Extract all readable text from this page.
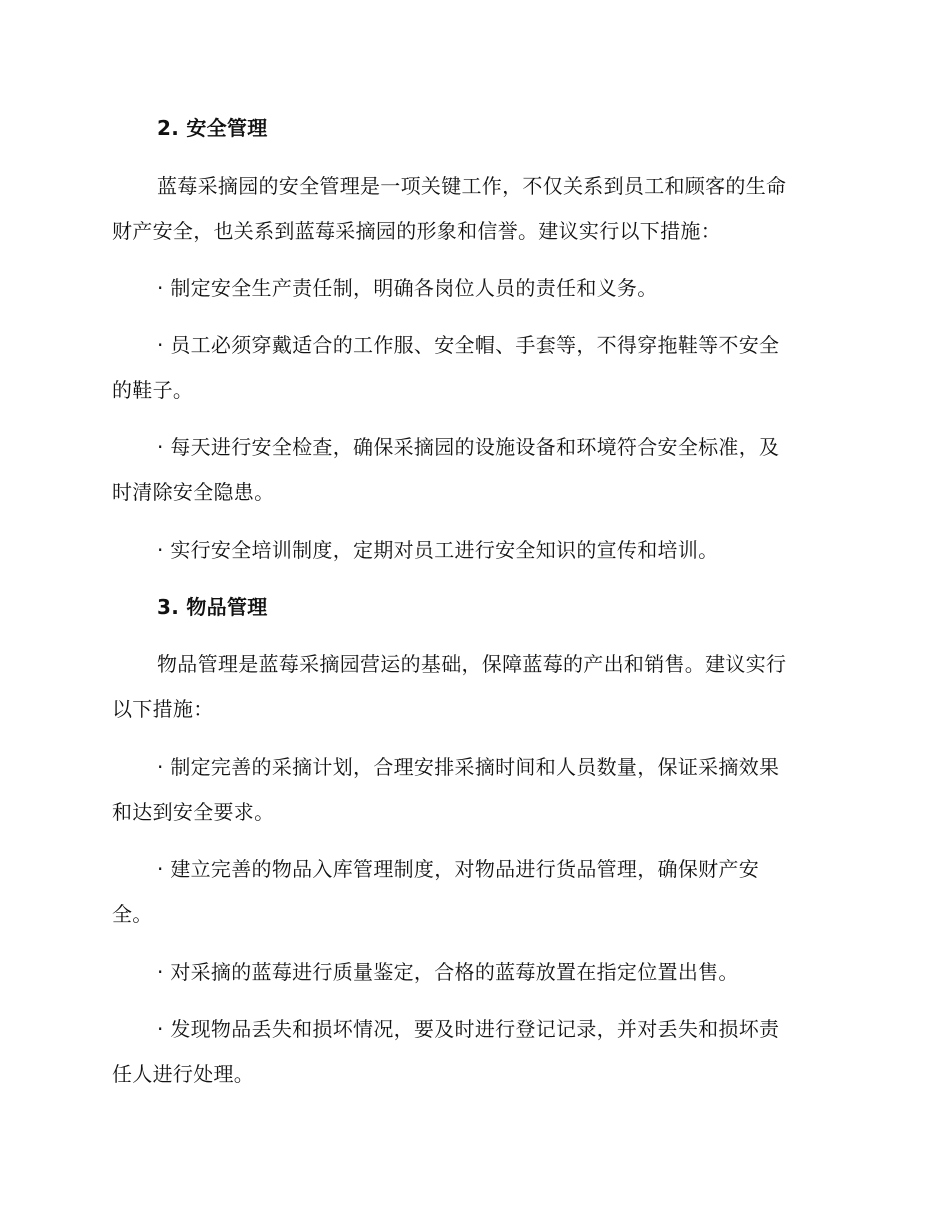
2. 安全管理
蓝莓采摘园的安全管理是一项关键工作，不仅关系到员工和顾客的生命
财产安全，也关系到蓝莓采摘园的形象和信誉。建议实行以下措施：
· 制定安全生产责任制，明确各岗位人员的责任和义务。
· 员工必须穿戴适合的工作服、安全帽、手套等，不得穿拖鞋等不安全
的鞋子。
· 每天进行安全检查，确保采摘园的设施设备和环境符合安全标准，及
时清除安全隐患。
· 实行安全培训制度，定期对员工进行安全知识的宣传和培训。
3. 物品管理
物品管理是蓝莓采摘园营运的基础，保障蓝莓的产出和销售。建议实行
以下措施：
· 制定完善的采摘计划，合理安排采摘时间和人员数量，保证采摘效果
和达到安全要求。
· 建立完善的物品入库管理制度，对物品进行货品管理，确保财产安
全。
· 对采摘的蓝莓进行质量鉴定，合格的蓝莓放置在指定位置出售。
· 发现物品丢失和损坏情况，要及时进行登记记录，并对丢失和损坏责
任人进行处理。
